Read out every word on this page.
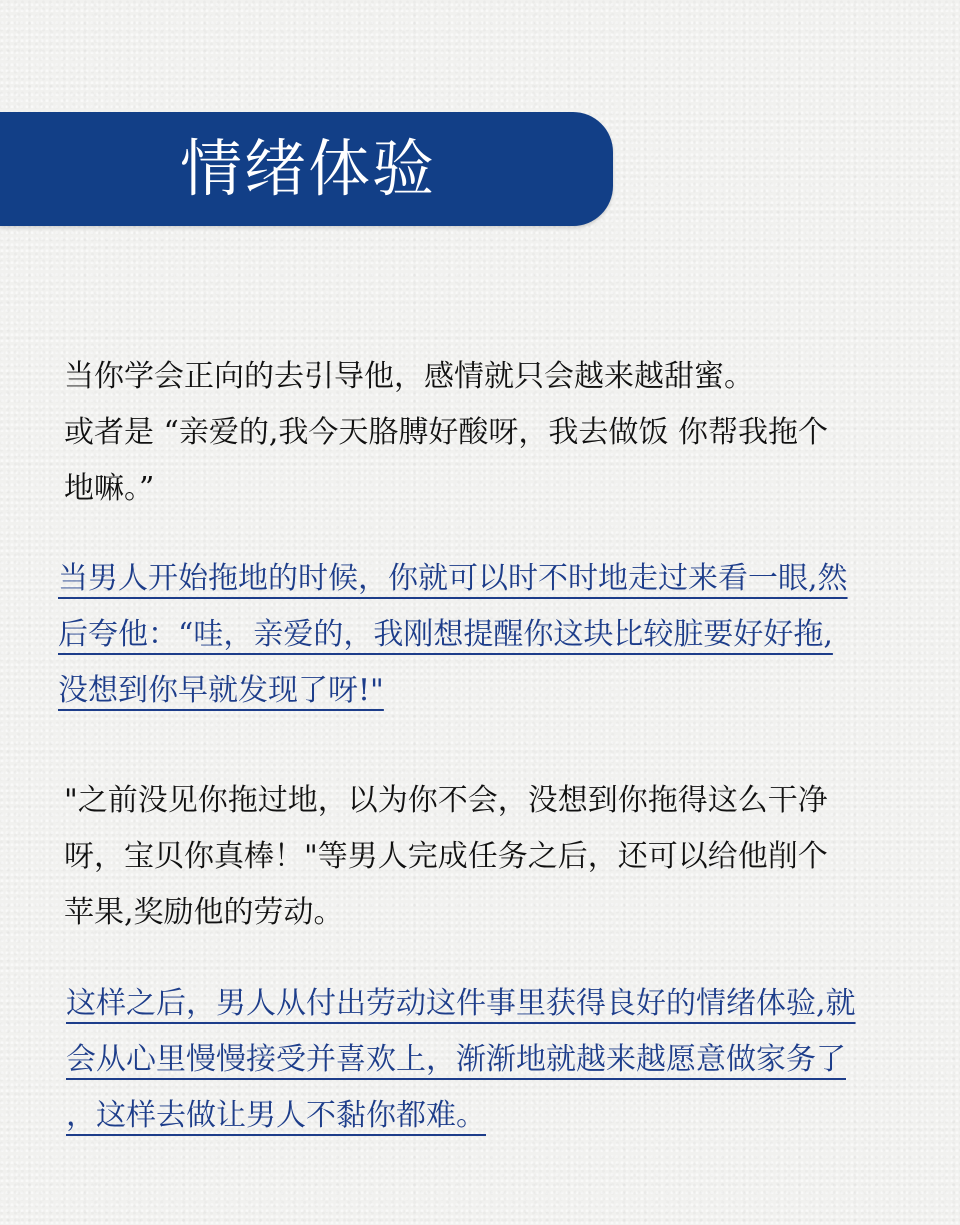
情绪体验
当你学会正向的去引导他，感情就只会越来越甜蜜。
或者是 “亲爱的,我今天胳膊好酸呀，我去做饭 你帮我拖个
地嘛。”
当男人开始拖地的时候，你就可以时不时地走过来看一眼,然
后夸他：“哇，亲爱的，我刚想提醒你这块比较脏要好好拖,
没想到你早就发现了呀!"
"之前没见你拖过地，以为你不会，没想到你拖得这么干净
呀，宝贝你真棒！"等男人完成任务之后，还可以给他削个
苹果,奖励他的劳动。
这样之后，男人从付出劳动这件事里获得良好的情绪体验,就
会从心里慢慢接受并喜欢上，渐渐地就越来越愿意做家务了
，这样去做让男人不黏你都难。
